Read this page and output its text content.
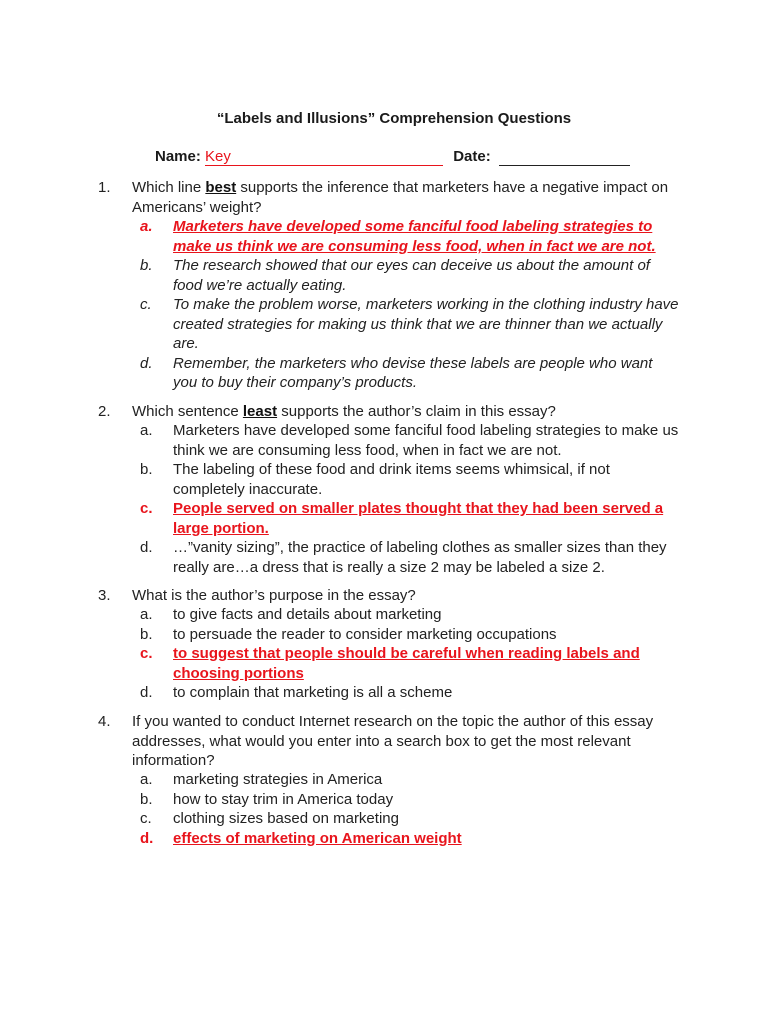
“Labels and Illusions” Comprehension Questions
Name: Key	Date:
1. Which line best supports the inference that marketers have a negative impact on Americans’ weight?
a. Marketers have developed some fanciful food labeling strategies to make us think we are consuming less food, when in fact we are not.
b. The research showed that our eyes can deceive us about the amount of food we’re actually eating.
c. To make the problem worse, marketers working in the clothing industry have created strategies for making us think that we are thinner than we actually are.
d. Remember, the marketers who devise these labels are people who want you to buy their company’s products.
2. Which sentence least supports the author’s claim in this essay?
a. Marketers have developed some fanciful food labeling strategies to make us think we are consuming less food, when in fact we are not.
b. The labeling of these food and drink items seems whimsical, if not completely inaccurate.
c. People served on smaller plates thought that they had been served a large portion.
d. …”vanity sizing”, the practice of labeling clothes as smaller sizes than they really are…a dress that is really a size 2 may be labeled a size 2.
3. What is the author’s purpose in the essay?
a. to give facts and details about marketing
b. to persuade the reader to consider marketing occupations
c. to suggest that people should be careful when reading labels and choosing portions
d. to complain that marketing is all a scheme
4. If you wanted to conduct Internet research on the topic the author of this essay addresses, what would you enter into a search box to get the most relevant information?
a. marketing strategies in America
b. how to stay trim in America today
c. clothing sizes based on marketing
d. effects of marketing on American weight
